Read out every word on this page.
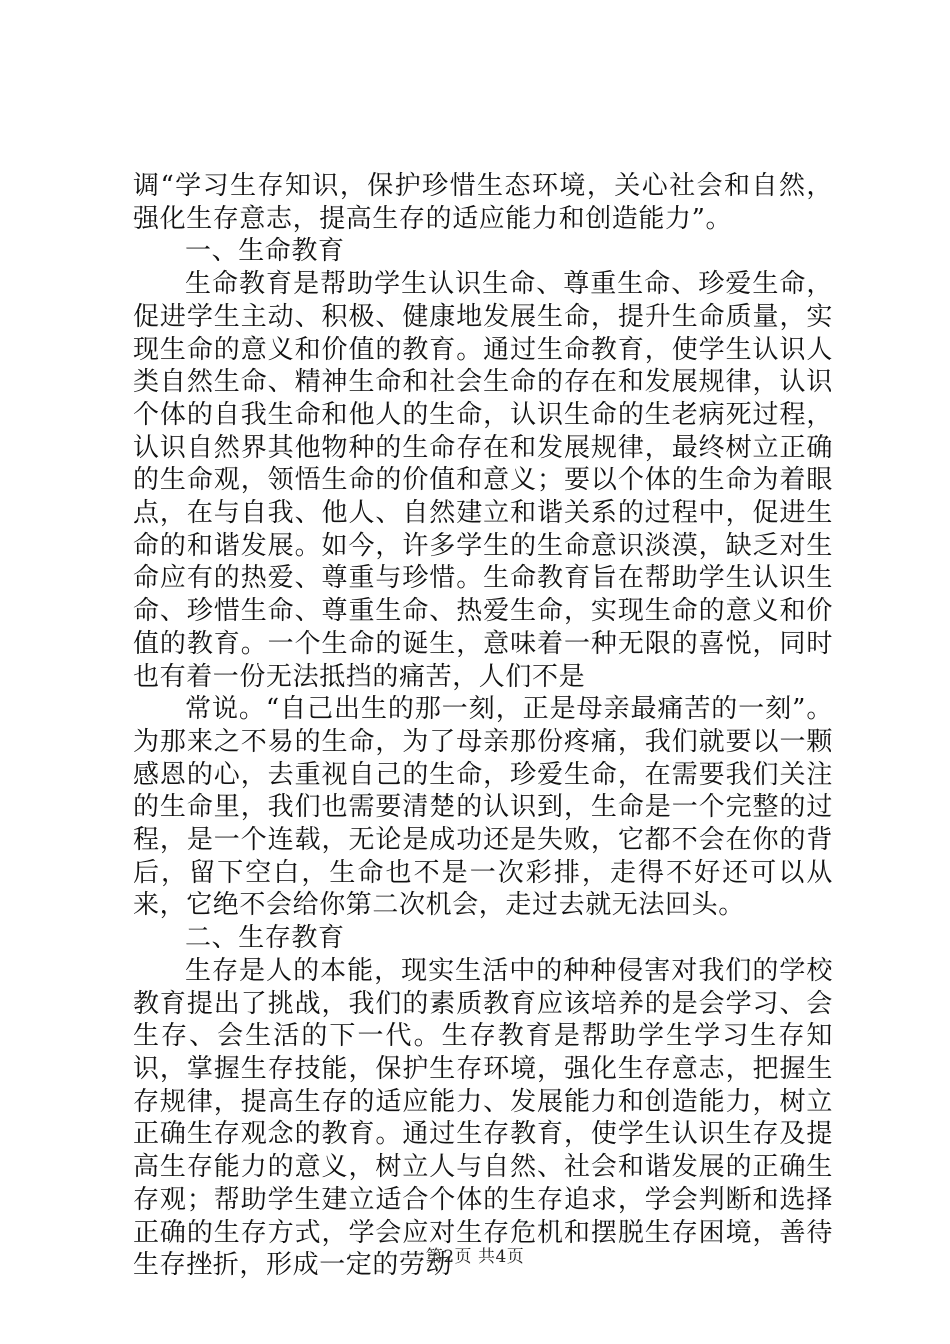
调“学习生存知识，保护珍惜生态环境，关心社会和自然，强化生存意志，提高生存的适应能力和创造能力”。

一、生命教育

生命教育是帮助学生认识生命、尊重生命、珍爱生命，促进学生主动、积极、健康地发展生命，提升生命质量，实现生命的意义和价值的教育。通过生命教育，使学生认识人类自然生命、精神生命和社会生命的存在和发展规律，认识个体的自我生命和他人的生命，认识生命的生老病死过程，认识自然界其他物种的生命存在和发展规律，最终树立正确的生命观，领悟生命的价值和意义；要以个体的生命为着眼点，在与自我、他人、自然建立和谐关系的过程中，促进生命的和谐发展。如今，许多学生的生命意识淡漠，缺乏对生命应有的热爱、尊重与珍惜。生命教育旨在帮助学生认识生命、珍惜生命、尊重生命、热爱生命，实现生命的意义和价值的教育。一个生命的诞生，意味着一种无限的喜悦，同时也有着一份无法抵挡的痛苦，人们不是

常说。“自己出生的那一刻，正是母亲最痛苦的一刻”。为那来之不易的生命，为了母亲那份疼痛，我们就要以一颗感恩的心，去重视自己的生命，珍爱生命，在需要我们关注的生命里，我们也需要清楚的认识到，生命是一个完整的过程，是一个连载，无论是成功还是失败，它都不会在你的背后，留下空白，生命也不是一次彩排，走得不好还可以从来，它绝不会给你第二次机会，走过去就无法回头。

二、生存教育

生存是人的本能，现实生活中的种种侵害对我们的学校教育提出了挑战，我们的素质教育应该培养的是会学习、会生存、会生活的下一代。生存教育是帮助学生学习生存知识，掌握生存技能，保护生存环境，强化生存意志，把握生存规律，提高生存的适应能力、发展能力和创造能力，树立正确生存观念的教育。通过生存教育，使学生认识生存及提高生存能力的意义，树立人与自然、社会和谐发展的正确生存观；帮助学生建立适合个体的生存追求，学会判断和选择正确的生存方式，学会应对生存危机和摆脱生存困境，善待生存挫折，形成一定的劳动

第2页 共4页
